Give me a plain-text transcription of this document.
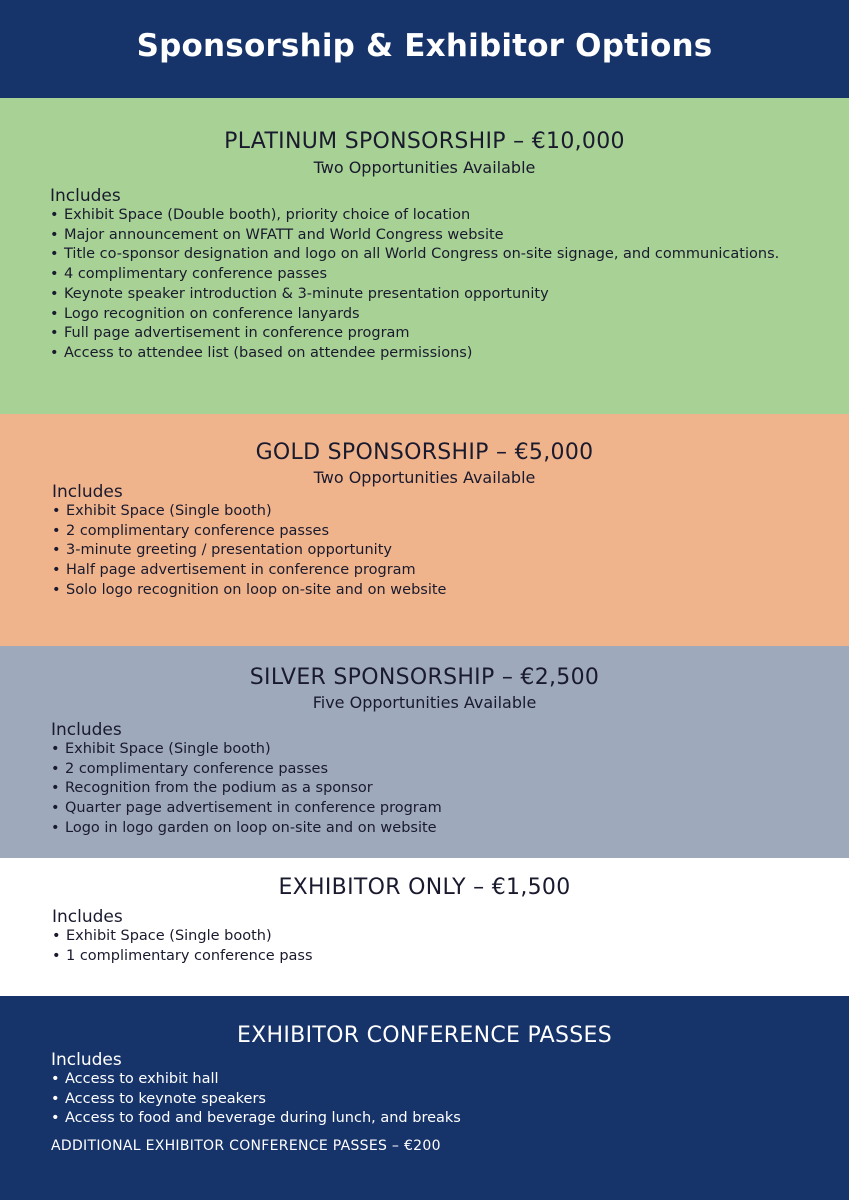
Sponsorship & Exhibitor Options
PLATINUM SPONSORSHIP – €10,000

Two Opportunities Available

Includes

• Exhibit Space (Double booth), priority choice of location
• Major announcement on WFATT and World Congress website
• Title co-sponsor designation and logo on all World Congress on-site signage, and communications.
• 4 complimentary conference passes
• Keynote speaker introduction & 3-minute presentation opportunity
• Logo recognition on conference lanyards
• Full page advertisement in conference program
• Access to attendee list (based on attendee permissions)
GOLD SPONSORSHIP – €5,000

Two Opportunities Available

Includes

• Exhibit Space (Single booth)
• 2 complimentary conference passes
• 3-minute greeting / presentation opportunity
• Half page advertisement in conference program
• Solo logo recognition on loop on-site and on website
SILVER SPONSORSHIP – €2,500

Five Opportunities Available

Includes

• Exhibit Space (Single booth)
• 2 complimentary conference passes
• Recognition from the podium as a sponsor
• Quarter page advertisement in conference program
• Logo in logo garden on loop on-site and on website
EXHIBITOR ONLY – €1,500

Includes

• Exhibit Space (Single booth)
• 1 complimentary conference pass
EXHIBITOR CONFERENCE PASSES

Includes

• Access to exhibit hall
• Access to keynote speakers
• Access to food and beverage during lunch, and breaks

ADDITIONAL EXHIBITOR CONFERENCE PASSES – €200
